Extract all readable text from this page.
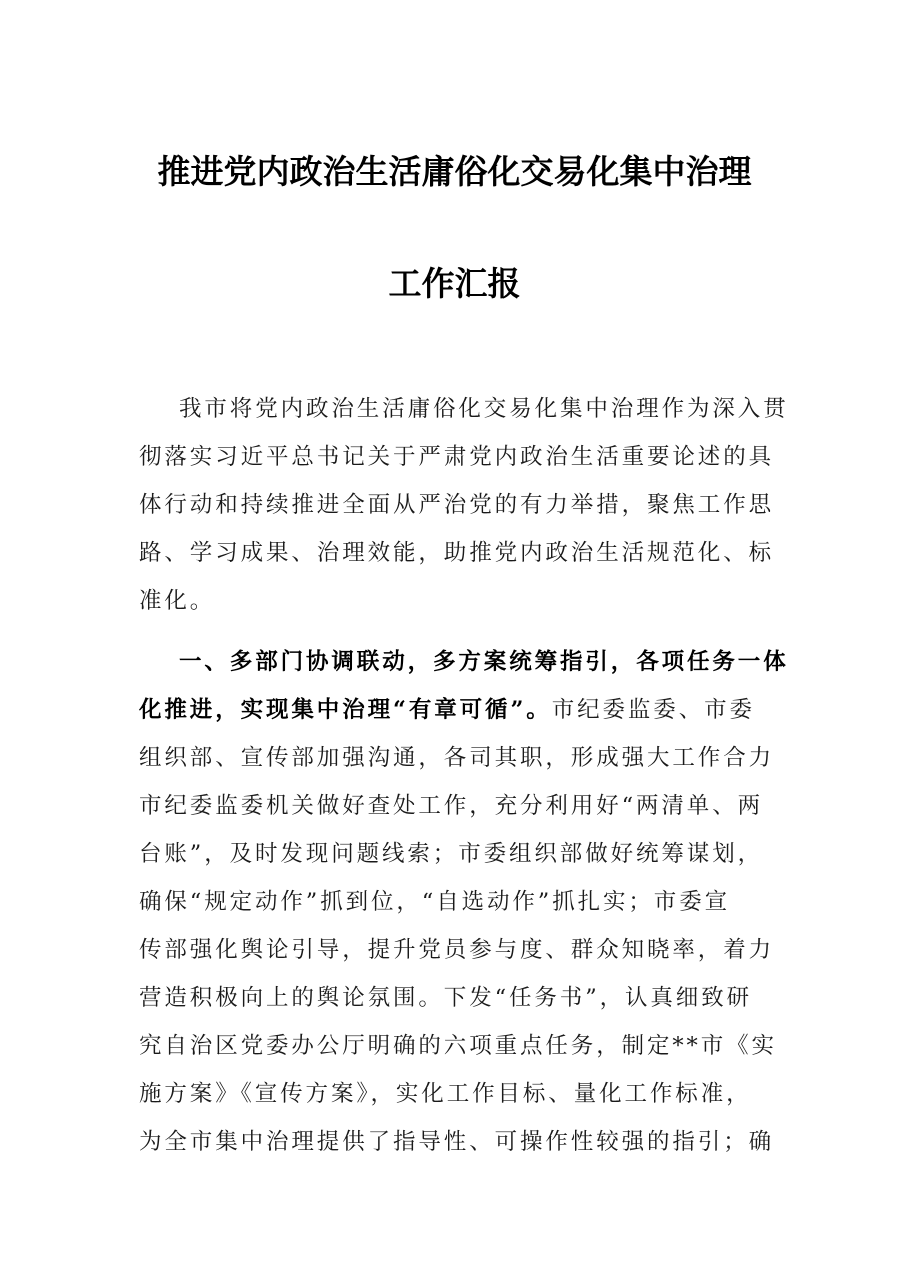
推进党内政治生活庸俗化交易化集中治理
工作汇报
我市将党内政治生活庸俗化交易化集中治理作为深入贯
彻落实习近平总书记关于严肃党内政治生活重要论述的具
体行动和持续推进全面从严治党的有力举措，聚焦工作思
路、学习成果、治理效能，助推党内政治生活规范化、标
准化。
一、多部门协调联动，多方案统筹指引，各项任务一体
化推进，实现集中治理“有章可循”。市纪委监委、市委
组织部、宣传部加强沟通，各司其职，形成强大工作合力
市纪委监委机关做好查处工作，充分利用好“两清单、两
台账”，及时发现问题线索；市委组织部做好统筹谋划，
确保“规定动作”抓到位，“自选动作”抓扎实；市委宣
传部强化舆论引导，提升党员参与度、群众知晓率，着力
营造积极向上的舆论氛围。下发“任务书”，认真细致研
究自治区党委办公厅明确的六项重点任务，制定**市《实
施方案》《宣传方案》，实化工作目标、量化工作标准，
为全市集中治理提供了指导性、可操作性较强的指引；确
